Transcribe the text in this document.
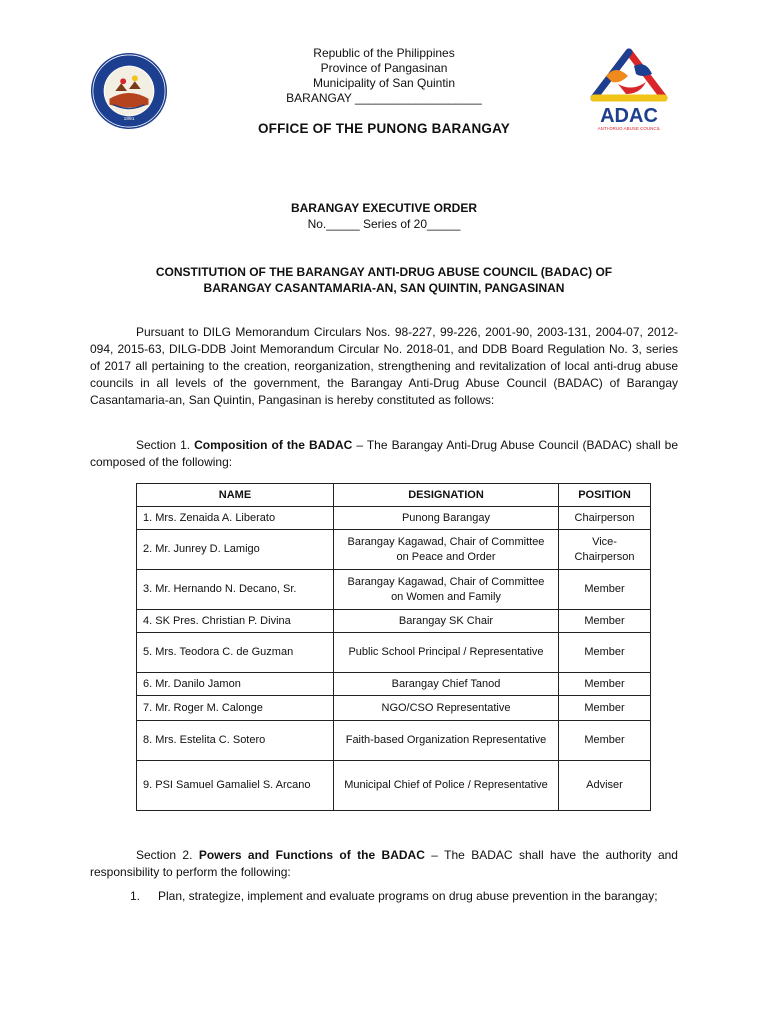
1991	ADAC
ANTI-DRUG ABUSE COUNCIL
Republic of the Philippines
Province of Pangasinan
Municipality of San Quintin
BARANGAY ___________________
OFFICE OF THE PUNONG BARANGAY
BARANGAY EXECUTIVE ORDER
No._____ Series of 20_____
CONSTITUTION OF THE BARANGAY ANTI-DRUG ABUSE COUNCIL (BADAC) OF
BARANGAY CASANTAMARIA-AN, SAN QUINTIN, PANGASINAN
Pursuant to DILG Memorandum Circulars Nos. 98-227, 99-226, 2001-90, 2003-131, 2004-07, 2012-094, 2015-63, DILG-DDB Joint Memorandum Circular No. 2018-01, and DDB Board Regulation No. 3, series of 2017 all pertaining to the creation, reorganization, strengthening and revitalization of local anti-drug abuse councils in all levels of the government, the Barangay Anti-Drug Abuse Council (BADAC) of Barangay Casantamaria-an, San Quintin, Pangasinan is hereby constituted as follows:
Section 1. Composition of the BADAC – The Barangay Anti-Drug Abuse Council (BADAC) shall be composed of the following:
NAME	DESIGNATION	POSITION
1. Mrs. Zenaida A. Liberato	Punong Barangay	Chairperson
2. Mr. Junrey D. Lamigo	Barangay Kagawad, Chair of Committee on Peace and Order	Vice-Chairperson
3. Mr. Hernando N. Decano, Sr.	Barangay Kagawad, Chair of Committee on Women and Family	Member
4. SK Pres. Christian P. Divina	Barangay SK Chair	Member
5. Mrs. Teodora C. de Guzman	Public School Principal / Representative	Member
6. Mr. Danilo Jamon	Barangay Chief Tanod	Member
7. Mr. Roger M. Calonge	NGO/CSO Representative	Member
8. Mrs. Estelita C. Sotero	Faith-based Organization Representative	Member
9. PSI Samuel Gamaliel S. Arcano	Municipal Chief of Police / Representative	Adviser
Section 2. Powers and Functions of the BADAC – The BADAC shall have the authority and responsibility to perform the following:
1.	Plan, strategize, implement and evaluate programs on drug abuse prevention in the barangay;
